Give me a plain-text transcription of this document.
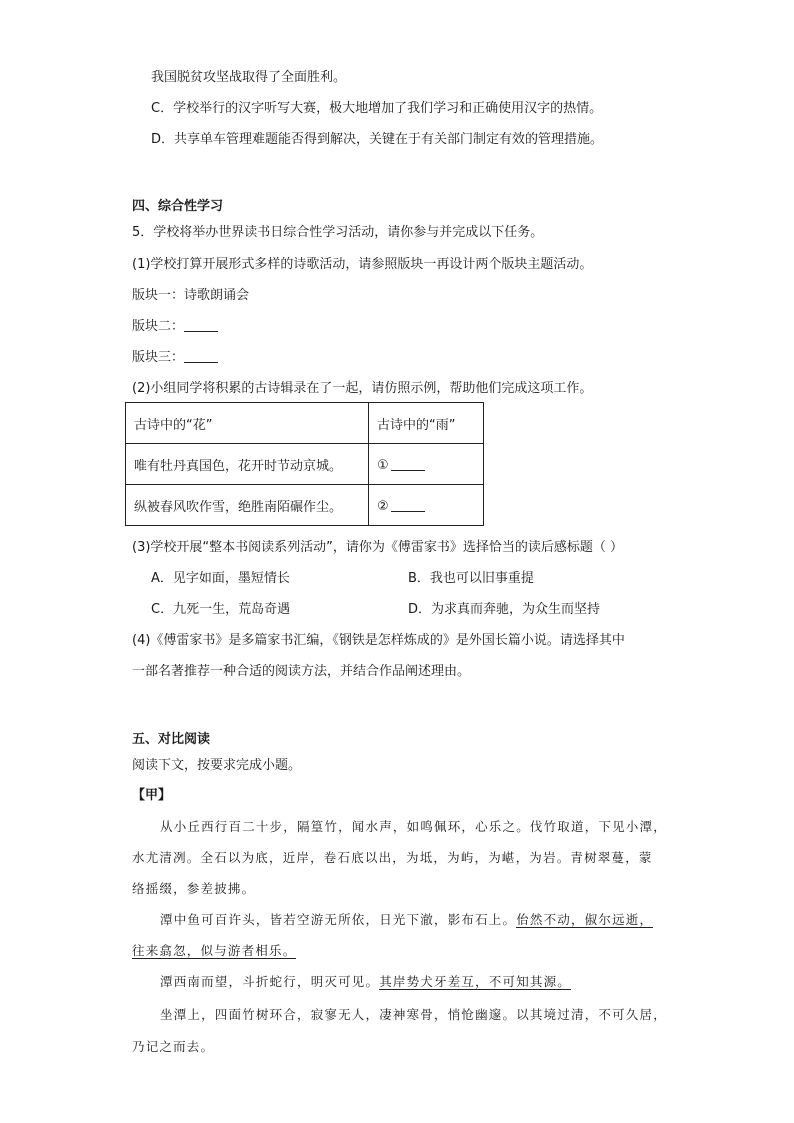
我国脱贫攻坚战取得了全面胜利。
C．学校举行的汉字听写大赛，极大地增加了我们学习和正确使用汉字的热情。
D．共享单车管理难题能否得到解决，关键在于有关部门制定有效的管理措施。
四、综合性学习
5．学校将举办世界读书日综合性学习活动，请你参与并完成以下任务。
(1)学校打算开展形式多样的诗歌活动，请参照版块一再设计两个版块主题活动。
版块一：诗歌朗诵会
版块二：
版块三：
(2)小组同学将积累的古诗辑录在了一起，请仿照示例，帮助他们完成这项工作。
古诗中的“花”	古诗中的“雨”
唯有牡丹真国色，花开时节动京城。	①
纵被春风吹作雪，绝胜南陌碾作尘。	②
(3)学校开展“整本书阅读系列活动”，请你为《傅雷家书》选择恰当的读后感标题（ ）
A．见字如面，墨短情长	B．我也可以旧事重提
C．九死一生，荒岛奇遇	D．为求真而奔驰，为众生而坚持
(4)《傅雷家书》是多篇家书汇编，《钢铁是怎样炼成的》是外国长篇小说。请选择其中
一部名著推荐一种合适的阅读方法，并结合作品阐述理由。
五、对比阅读
阅读下文，按要求完成小题。
【甲】
从小丘西行百二十步，隔篁竹，闻水声，如鸣佩环，心乐之。伐竹取道，下见小潭，
水尤清冽。全石以为底，近岸，卷石底以出，为坻，为屿，为嵁，为岩。青树翠蔓，蒙
络摇缀，参差披拂。
潭中鱼可百许头，皆若空游无所依，日光下澈，影布石上。佁然不动，俶尔远逝，
往来翕忽，似与游者相乐。
潭西南而望，斗折蛇行，明灭可见。其岸势犬牙差互，不可知其源。
坐潭上，四面竹树环合，寂寥无人，凄神寒骨，悄怆幽邃。以其境过清，不可久居，
乃记之而去。
